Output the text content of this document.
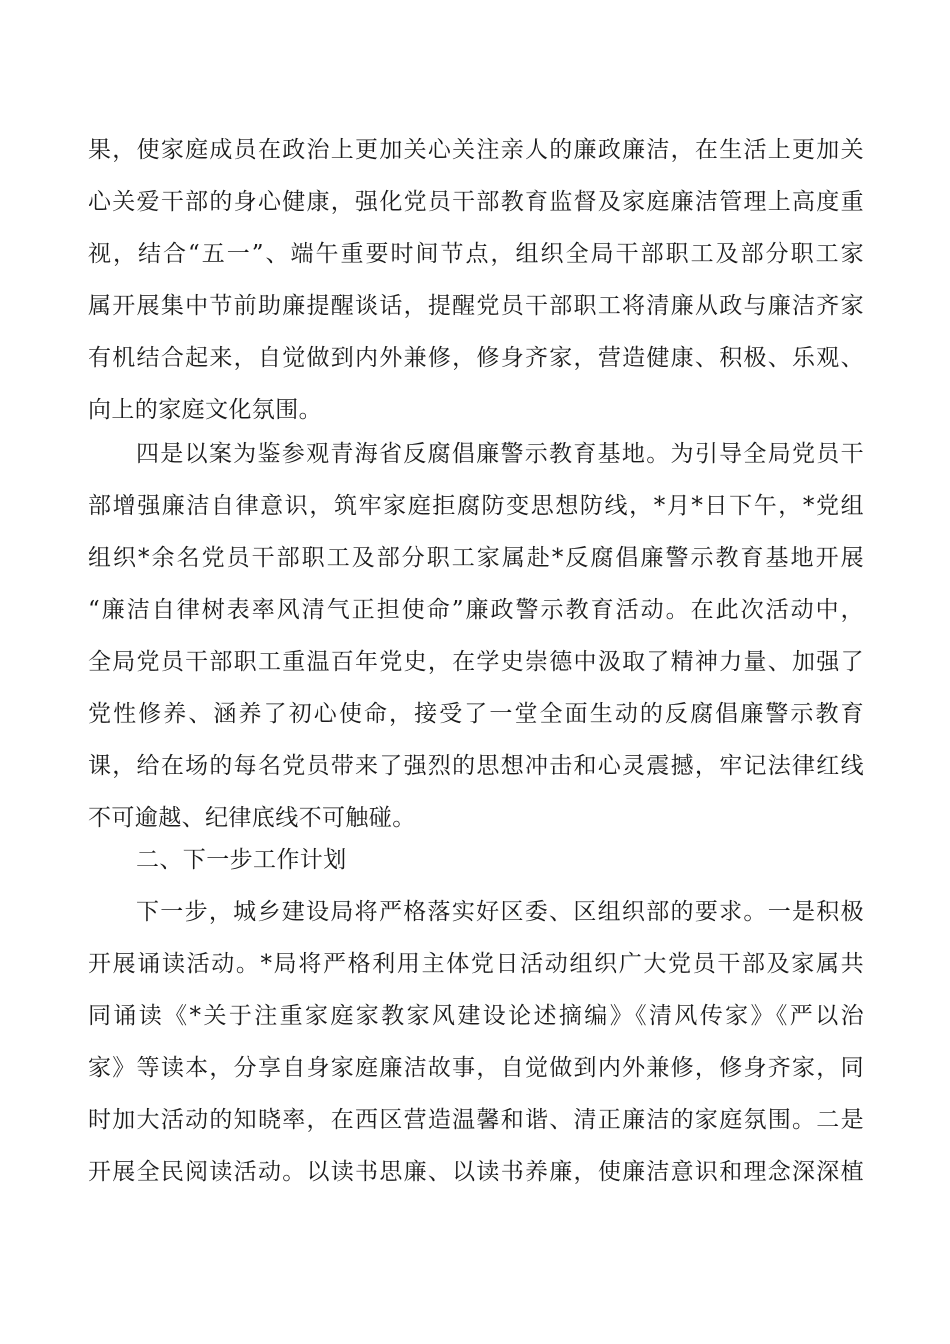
果，使家庭成员在政治上更加关心关注亲人的廉政廉洁，在生活上更加关
心关爱干部的身心健康，强化党员干部教育监督及家庭廉洁管理上高度重
视，结合“五一”、端午重要时间节点，组织全局干部职工及部分职工家
属开展集中节前助廉提醒谈话，提醒党员干部职工将清廉从政与廉洁齐家
有机结合起来，自觉做到内外兼修，修身齐家，营造健康、积极、乐观、
向上的家庭文化氛围。
四是以案为鉴参观青海省反腐倡廉警示教育基地。为引导全局党员干
部增强廉洁自律意识，筑牢家庭拒腐防变思想防线，*月*日下午，*党组
组织*余名党员干部职工及部分职工家属赴*反腐倡廉警示教育基地开展
“廉洁自律树表率风清气正担使命”廉政警示教育活动。在此次活动中，
全局党员干部职工重温百年党史，在学史崇德中汲取了精神力量、加强了
党性修养、涵养了初心使命，接受了一堂全面生动的反腐倡廉警示教育
课，给在场的每名党员带来了强烈的思想冲击和心灵震撼，牢记法律红线
不可逾越、纪律底线不可触碰。
二、下一步工作计划
下一步，城乡建设局将严格落实好区委、区组织部的要求。一是积极
开展诵读活动。*局将严格利用主体党日活动组织广大党员干部及家属共
同诵读《*关于注重家庭家教家风建设论述摘编》《清风传家》《严以治
家》等读本，分享自身家庭廉洁故事，自觉做到内外兼修，修身齐家，同
时加大活动的知晓率，在西区营造温馨和谐、清正廉洁的家庭氛围。二是
开展全民阅读活动。以读书思廉、以读书养廉，使廉洁意识和理念深深植
